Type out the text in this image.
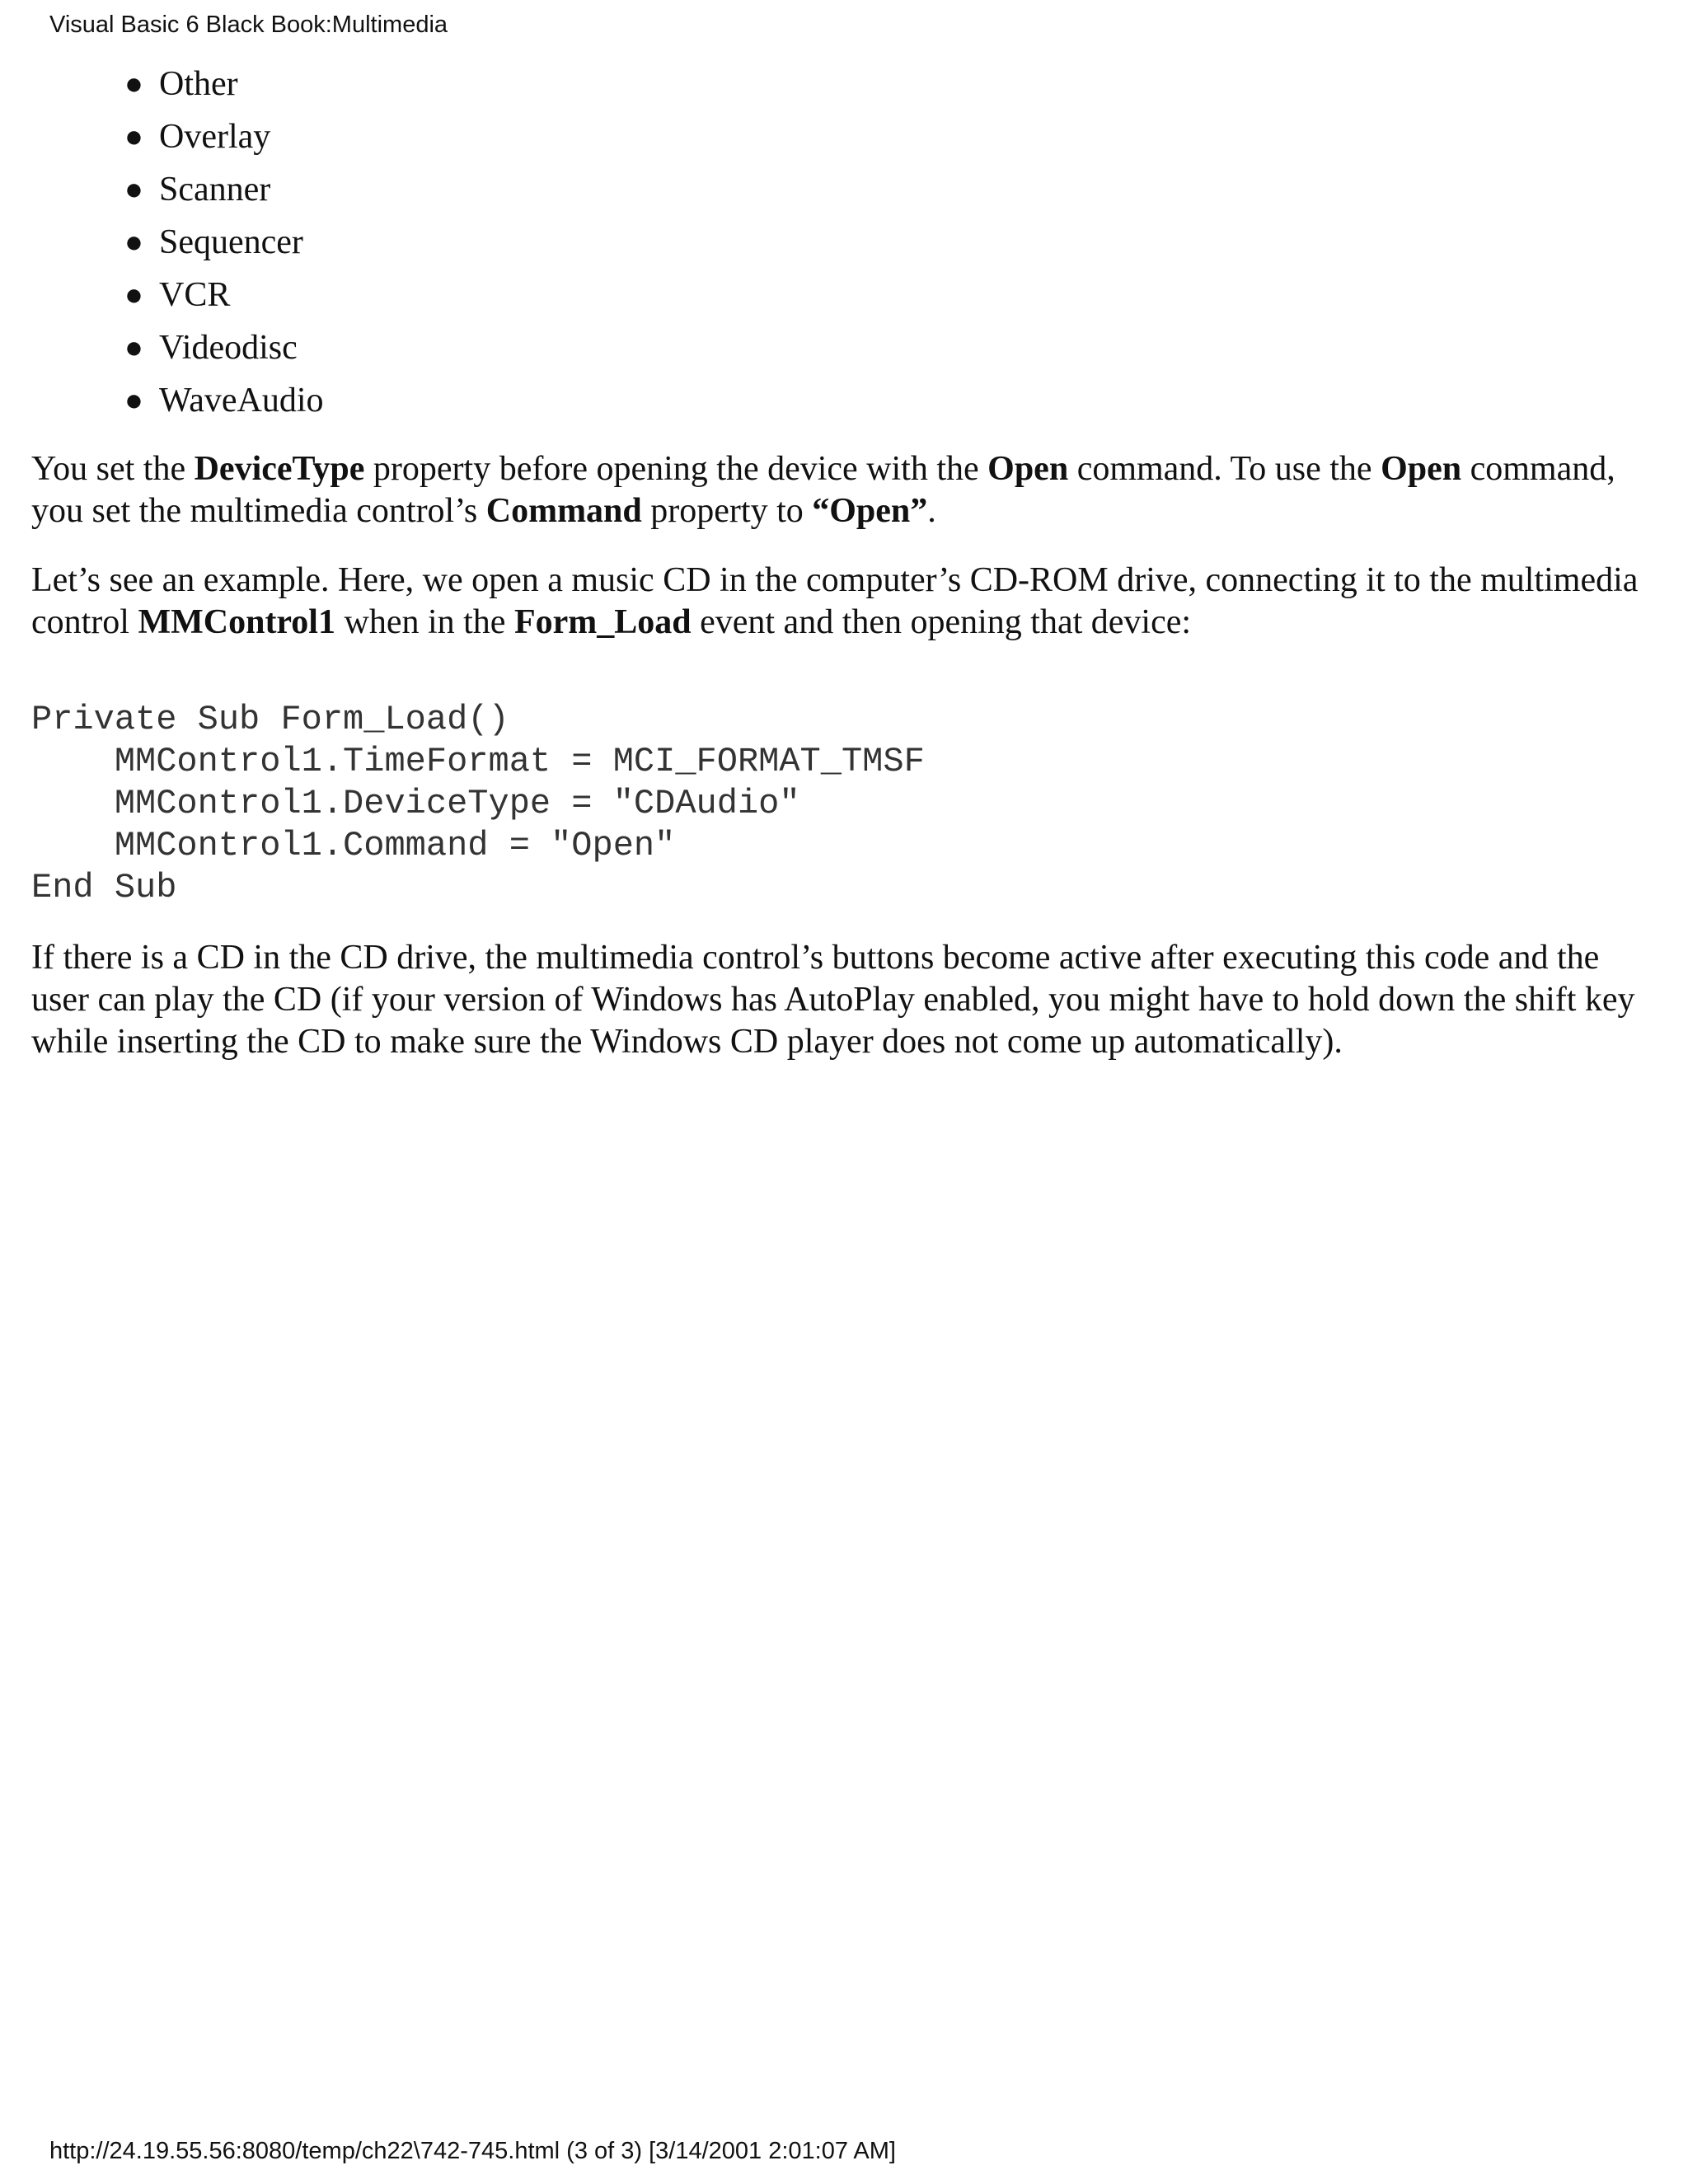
Visual Basic 6 Black Book:Multimedia
● Other
● Overlay
● Scanner
● Sequencer
● VCR
● Videodisc
● WaveAudio

You set the DeviceType property before opening the device with the Open command. To use the Open command, you set the multimedia control’s Command property to “Open”.

Let’s see an example. Here, we open a music CD in the computer’s CD-ROM drive, connecting it to the multimedia control MMControl1 when in the Form_Load event and then opening that device:

Private Sub Form_Load()
MMControl1.TimeFormat = MCI_FORMAT_TMSF
MMControl1.DeviceType = "CDAudio"
MMControl1.Command = "Open"
End Sub

If there is a CD in the CD drive, the multimedia control’s buttons become active after executing this code and the user can play the CD (if your version of Windows has AutoPlay enabled, you might have to hold down the shift key while inserting the CD to make sure the Windows CD player does not come up automatically).

http://24.19.55.56:8080/temp/ch22\742-745.html (3 of 3) [3/14/2001 2:01:07 AM]
